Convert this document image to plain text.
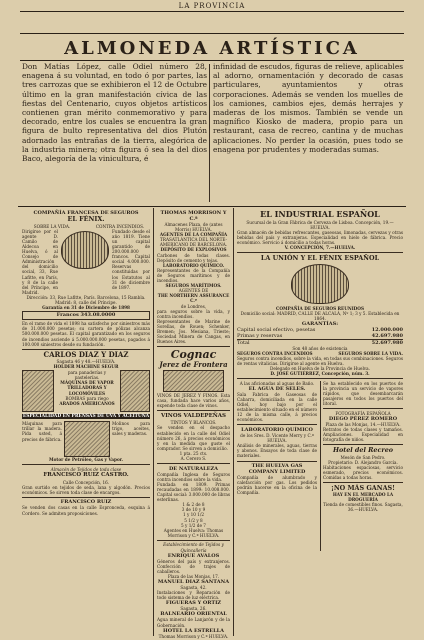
LA PROVINCIA
ALMONEDA ARTÍSTICA
Don Matías López, calle Odiel número 28, enagena á su voluntad, en todo ó por partes, las tres carrozas que se exhibieron el 12 de Octubre último en la gran manifestación cívica de las fiestas del Centenario, cuyos objetos artísticos contienen gran mérito conmemorativo y para decorado, entre los cuales se encuentra la gran figura de bulto representativa del dios Plutón adornado las entrañas de la tierra, alegórica de la industria minera; otra figura ó sea la del dios Baco, alegoría de la vinicultura, é
infinidad de escudos, figuras de relieve, aplicables al adorno, ornamentación y decorado de casas particulares, ayuntamientos y otras corporaciones. Además se venden los muelles de los camiones, cambios ejes, demás herrajes y maderas de los mismos. También se vende un magnífico Kiosko de madera, propio para un restaurant, casa de recreo, cantina y de muchas aplicaciones. No perder la ocasión, pues todo se enagena por prudentes y moderadas sumas.
COMPAÑÍA FRANCESA DE SEGUROS
EL FÉNIX.
SOBRE LA VIDA.	CONTRA INCENDIOS.
Dirigirse por el agente D. Camilo de Aldecoa en Huelva, ó al Consejo de Administración del domicilio social, 33, Rue Lafitte, en París, y 8 de la calle del Príncipe, en Madrid.
Fundado desde el año 1819. Tiene un capital garantido de 200.000.000 francos. Capital social 4.000.000. Reservas constituidas por los Estatutos al 31 de diciembre de 1897.
Dirección: 33, Rue Lafitte, París. Barcelona, 15 Rambla. Madrid: 8, calle del Príncipe.
Garantía en 31 de Diciembre de 1898
Francos 343.08.0000
En el ramo de vida el 1898 ha satisfecho por siniestros más de 31.000.000 pesetas; su cartera de pólizas alcanza 500.000.000 pesetas. El capital garantizado en los seguros de incendios asciende á 5.000.000.000 pesetas, pagados á 100.000 siniestros desde su fundación.
CARLOS DIAZ Y DIAZ
Sagasta 46 y 48.—HUELVA.
HOLDER MACHINE SEGUR
para panaderías y pastelerías.
MÁQUINAS DE VAPOR
TRILLADORAS Y LOCOMÓVILES
BOMBAS para riego
ARADOS AMERICANOS
ESPECIALIDAD EN PRENSAS DE UVA Y ACEITUNA
Máquinas para trillar la madera. Pida usted, á precios de fábrica.
Molinos para trigo, aceites, sales y maderas.
Motor de Petróleo, Gas y Vapor.
Almacén de Tejidos de toda clase
FRANCISCO RUIZ CASTRO.
Calle Concepción, 16.
Gran surtido en tejidos de seda, lana y algodón. Precios económicos. Se sirven toda clase de encargos.
FRANCISCO RUIZ
Se venden dos casas en la calle Espronceda, esquina á Cordero. Se admiten proposiciones.
THOMAS MORRISON Y C.ª
Almacenes Plaza, de (antes Morris) HUELVA.
AGENTES DE LA COMPAÑÍA
TRASATLÁNTICA DEL NORTE-AMERICANO DE BARCELONA.
DEPÓSITO DE EXPLOSIVOS
Carbones de todas clases. Depósito de cemento y tejas.
LABORATORIO QUÍMICO.
Representantes de la Compañía de Seguros marítimos y de incendios.
SEGUROS MARÍTIMOS.
AGENTES DE
THE NORTHERN ASSURANCE C.º
de Londres,
para seguros sobre la vida, y contra incendios.
Representantes de Marine de Sorellas, de Rouen; Schenker, Bremen; Jos. Mesiana, Trieste; Sociedad Minera de Cangas, en Buenos Aires.
Cognac
Jerez de Frontera
VINOS DE JEREZ Y FINOS. Esta casa, fundada hace varios años, expende toda clase de vinos.
VINOS VALDEPEÑAS
TINTOS Y BLANCOS.
Se venden en el despacho establecido en la calle del Odiel número 26, á precios económicos y en la medida que guste el comprador. Se sirven a domicilio.
1 pta. 25 cts.
A. Cerero S.
DE NATURALEZA
Compañía Inglesa de Seguros contra incendios sobre la vida.
Fundada en 1809. Primas recaudadas en 1899: 10.008.000. Capital social: 3.000.000 de libras esterlinas.
1 & 2 de 8
3 de 10 y 9
1 y 10 1/2
5 1/2 y 8
5 y 1/2 de 7
Agentes en Huelva: Thomas Morrison y C.ª HUELVA.
Establecimiento de Tejidos y Quincallería
ENRIQUE AVALOS
Géneros del país y extranjeros. Confección de trajes de caballeros.
Plaza de las Monjas, 17.
MANUEL DIAZ SANTANA
Sagasta, 42.
Instalaciones y Reparación de todo sistema de luz eléctrica.
FIGUERAS Y ORTIZ
Sagasta, 26.
BALNEARIO ORIENTAL
Agua mineral de Lanjarón y de la Gobernación.
HOTEL LA ESTRELLA
Thomas Morrison y C.ª HUELVA.
EL INDUSTRIAL ESPAÑOL
Sucursal de la Gran Fábrica de Cerveza de Lisboa. Concepción, 19.—HUELVA.
Gran almacén de bebidas refrescantes, gaseosas, limonadas, cervezas y otras bebidas del país y extranjeras. Especialidad en hielo de fábrica. Precio económico. Servicio á domicilio a todas horas.
V. CONCEPCIÓN, 7.—HUELVA.
LA UNIÓN Y EL FÉNIX ESPAÑOL
COMPAÑÍA DE SEGUROS REUNIDOS
Domicilio social: MADRID, CALLE DE ALCALÁ, Nº 1; 3 y 5. Establecida en 1864.
GARANTÍAS:
Capital social efectivo, pesetas	12.000.000
Primas y reservas	42.697.980
Total	52.697.980
Son 48 años de existencia
SEGUROS CONTRA INCENDIOS	SEGUROS SOBRE LA VIDA.
Seguros contra incendios, sobre la vida, en todas sus combinaciones. Seguros de rentas vitalicias. Dirigirse al agente en Huelva.
Delegado en Huelva de la Provincia de Huelva.
D. JOSÉ GUTIÉRREZ, Concepción, núm. 3.
A las aficionadas al aguas de Baño.
EL AGUA DE SELES.
Sala Fabrica de Gaseosas de Cabarra, domiciliada en la calle Odiel, hoy bajo por el establecimiento situado en el número 12 de la misma calle, á precios económicos.
LABORATORIO QUÍMICO
de los Sres. D. Vicente Merry y C.ª HUELVA.
Análisis de minerales, aguas, tierras y abonos. Ensayos de toda clase de materiales.
THE HUELVA GAS COMPANY LIMITED
Compañía de alumbrado y calefacción por gas. Los pedidos podrán hacerse en la oficina de la Compañía.
Se ha establecido en los puertos de la provincia un servicio de vapores rápidos, que desembarcarán pasajeros en todos los puertos del litoral.
FOTOGRAFÍA ESPAÑOLA
DIEGO PÉREZ ROMERO
Plaza de las Monjas, 14.—HUELVA.
Retratos de todas clases y tamaños. Ampliaciones. Especialidad en fotografía de niños.
Hotel del Recreo
Mesón de San Pedro.
Propietario: D. Alejandro García.
Habitaciones espaciosas, servicio esmerado, precios económicos. Comidas a todas horas.
¡NO MÁS GANAS!
HAY EN EL MERCADO LA DROGUERÍA
Tienda de comestibles finos. Sagasta, 36.—HUELVA.
